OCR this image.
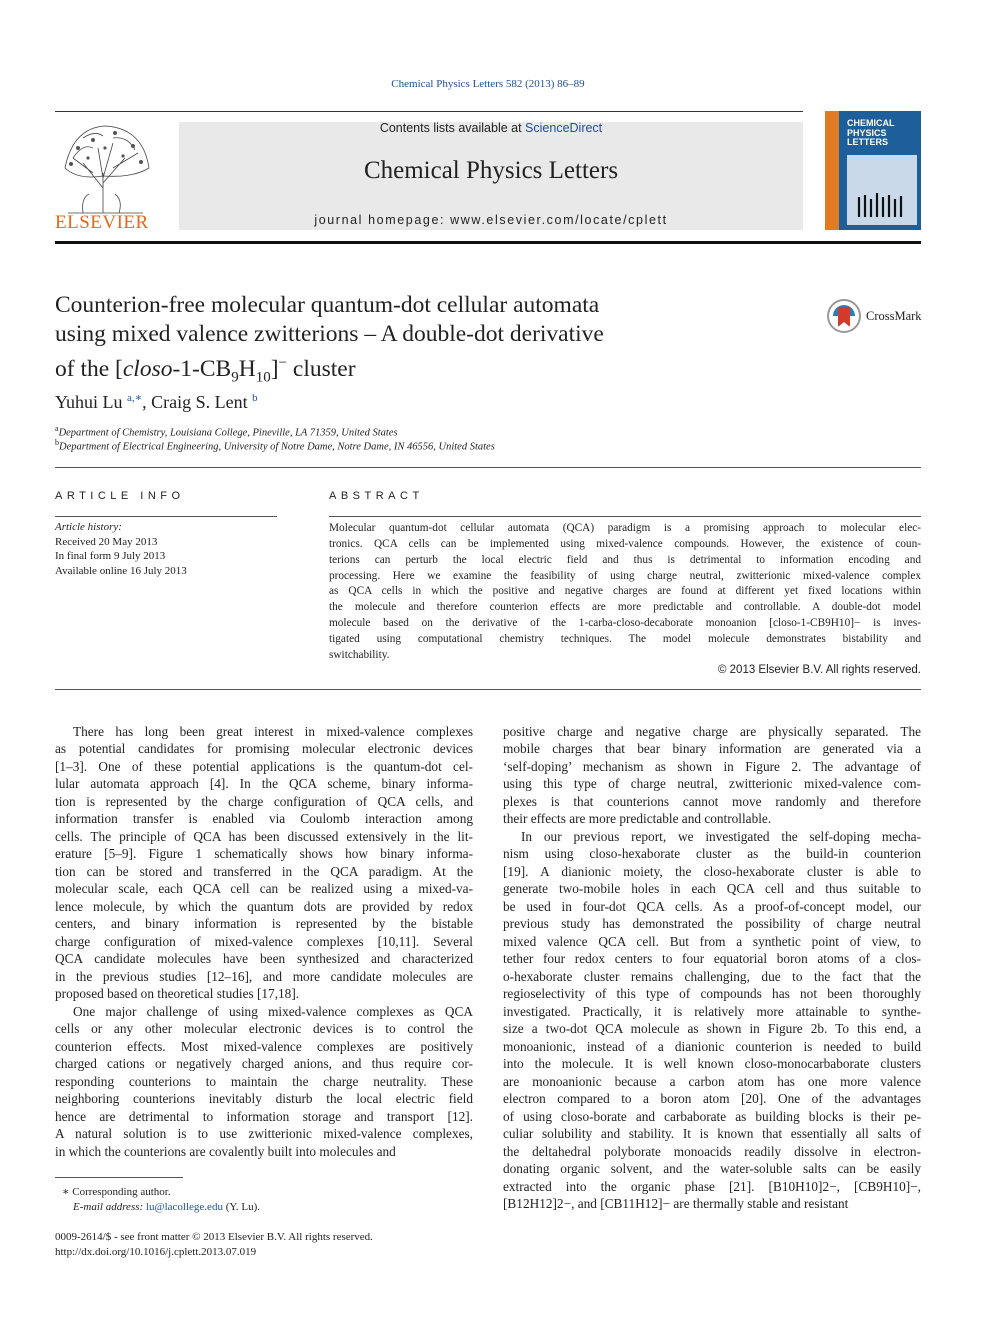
Chemical Physics Letters 582 (2013) 86–89
ELSEVIER
Contents lists available at ScienceDirect
Chemical Physics Letters
journal homepage: www.elsevier.com/locate/cplett
CHEMICAL
PHYSICS
LETTERS
Counterion-free molecular quantum-dot cellular automata
using mixed valence zwitterions – A double-dot derivative
of the $[closo-1-CB_9H_{10}]^-$ cluster
CrossMark
Yuhui Lu $^{a,∗}$, Craig S. Lent $^b$
$^a$Department of Chemistry, Louisiana College, Pineville, LA 71359, United States
$^b$Department of Electrical Engineering, University of Notre Dame, Notre Dame, IN 46556, United States
ARTICLE INFO
Article history:
Received 20 May 2013
In final form 9 July 2013
Available online 16 July 2013
ABSTRACT
Molecular quantum-dot cellular automata (QCA) paradigm is a promising approach to molecular elec-
tronics. QCA cells can be implemented using mixed-valence compounds. However, the existence of coun-
terions can perturb the local electric field and thus is detrimental to information encoding and
processing. Here we examine the feasibility of using charge neutral, zwitterionic mixed-valence complex
as QCA cells in which the positive and negative charges are found at different yet fixed locations within
the molecule and therefore counterion effects are more predictable and controllable. A double-dot model
molecule based on the derivative of the 1-carba-closo-decaborate monoanion [closo-1-CB9H10]− is inves-
tigated using computational chemistry techniques. The model molecule demonstrates bistability and
switchability.
© 2013 Elsevier B.V. All rights reserved.
There has long been great interest in mixed-valence complexes
as potential candidates for promising molecular electronic devices
[1–3]. One of these potential applications is the quantum-dot cel-
lular automata approach [4]. In the QCA scheme, binary informa-
tion is represented by the charge configuration of QCA cells, and
information transfer is enabled via Coulomb interaction among
cells. The principle of QCA has been discussed extensively in the lit-
erature [5–9]. Figure 1 schematically shows how binary informa-
tion can be stored and transferred in the QCA paradigm. At the
molecular scale, each QCA cell can be realized using a mixed-va-
lence molecule, by which the quantum dots are provided by redox
centers, and binary information is represented by the bistable
charge configuration of mixed-valence complexes [10,11]. Several
QCA candidate molecules have been synthesized and characterized
in the previous studies [12–16], and more candidate molecules are
proposed based on theoretical studies [17,18].
One major challenge of using mixed-valence complexes as QCA
cells or any other molecular electronic devices is to control the
counterion effects. Most mixed-valence complexes are positively
charged cations or negatively charged anions, and thus require cor-
responding counterions to maintain the charge neutrality. These
neighboring counterions inevitably disturb the local electric field
hence are detrimental to information storage and transport [12].
A natural solution is to use zwitterionic mixed-valence complexes,
in which the counterions are covalently built into molecules and
positive charge and negative charge are physically separated. The
mobile charges that bear binary information are generated via a
‘self-doping’ mechanism as shown in Figure 2. The advantage of
using this type of charge neutral, zwitterionic mixed-valence com-
plexes is that counterions cannot move randomly and therefore
their effects are more predictable and controllable.
In our previous report, we investigated the self-doping mecha-
nism using closo-hexaborate cluster as the build-in counterion
[19]. A dianionic moiety, the closo-hexaborate cluster is able to
generate two-mobile holes in each QCA cell and thus suitable to
be used in four-dot QCA cells. As a proof-of-concept model, our
previous study has demonstrated the possibility of charge neutral
mixed valence QCA cell. But from a synthetic point of view, to
tether four redox centers to four equatorial boron atoms of a clos-
o-hexaborate cluster remains challenging, due to the fact that the
regioselectivity of this type of compounds has not been thoroughly
investigated. Practically, it is relatively more attainable to synthe-
size a two-dot QCA molecule as shown in Figure 2b. To this end, a
monoanionic, instead of a dianionic counterion is needed to build
into the molecule. It is well known closo-monocarbaborate clusters
are monoanionic because a carbon atom has one more valence
electron compared to a boron atom [20]. One of the advantages
of using closo-borate and carbaborate as building blocks is their pe-
culiar solubility and stability. It is known that essentially all salts of
the deltahedral polyborate monoacids readily dissolve in electron-
donating organic solvent, and the water-soluble salts can be easily
extracted into the organic phase [21]. [B10H10]2−, [CB9H10]−,
[B12H12]2−, and [CB11H12]− are thermally stable and resistant
∗ Corresponding author.
E-mail address: lu@lacollege.edu (Y. Lu).
0009-2614/$ - see front matter © 2013 Elsevier B.V. All rights reserved.
http://dx.doi.org/10.1016/j.cplett.2013.07.019
